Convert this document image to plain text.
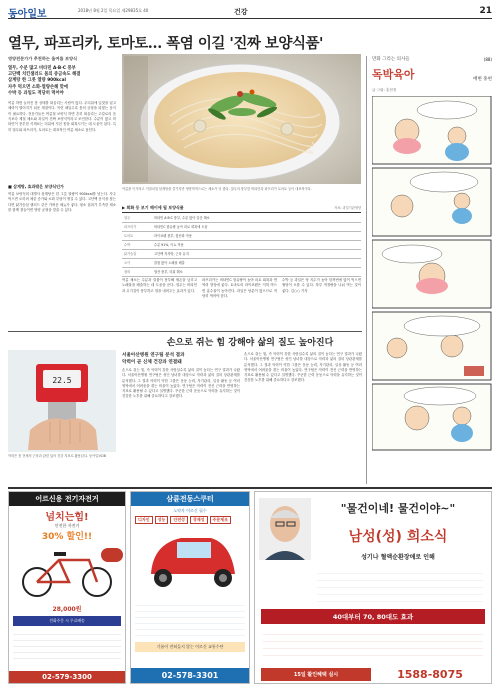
동아일보	2018년 8월 2일 목요일 제29835호 40	건강	21
열무, 파프리카, 토마토… 폭염 이길 '진짜 보양식품'
영양전문가가 추천하는 올여름 보양식
열무, 수분 많고 비타민 A·B·C 풍부
고단백 치킨샐러드 몸의 중금속도 해결
삼계탕 한 그릇 열량 900kcal
자주 먹으면 소화·열량손해 맞에
수박 등 과일도 적당히 먹어야
여름 하면 늘어진 몸 상태를 떠올리는 사람이 많다. 무더위에 입맛을 잃고 체력이 떨어지기 쉬운 계절이다. 이런 때일수록 몸의 균형을 되찾는 음식이 필요하다. 전문가들은 여름철 보양식 하면 흔히 떠올리는 고칼로리 음식보다 제철 채소와 과일이 진짜 보양식이라고 조언한다. 수분이 많고 비타민이 풍부한 식재료는 더위에 지친 몸을 회복시키는 데 도움이 된다. 특히 열무와 파프리카, 토마토는 대표적인 여름 채소로 꼽힌다.
■ 삼계탕, 효과밖은 보양식인가
여름 보양식의 대명사 삼계탕은 한 그릇 열량이 900kcal를 넘는다. 자주 먹으면 오히려 체중 증가와 소화 부담이 생길 수 있다. 고단백 음식을 찾는다면 닭가슴살 샐러드 같은 가벼운 메뉴가 좋다. 평소 섭취가 부족한 채소를 함께 곁들이면 영양 균형을 맞출 수 있다.
여름을 이기려고 이열치열 삼계탕을 즐기지만 영양학적으로는 채소가 더 좋다. 열무의 풍부한 비타민과 파프리카 토마토 등이 대표적이다.
▶ 회화 등 보기 해이에 될 보양식품	자료: 과일기관영양
열무	비타민 A·B·C 풍부, 수분 많아 갈증 해소
파프리카	비타민C 함유량 높아 피로 회복에 도움
토마토	라이코펜 풍부, 항산화 작용
수박	수분 91%, 이뇨 작용
닭가슴살	고단백 저지방, 근육 유지
오이	칼륨 많아 노폐물 배출
참외	엽산 풍부, 더위 해소
여름 채소는 수분과 칼륨이 풍부해 체온을 낮추고 노폐물을 배출하는 데 도움을 준다. 열무는 비타민과 무기질이 풍부하고 열을 내려주는 효과가 있다.
파프리카는 비타민C 함유량이 높아 피로 회복과 면역력 향상에 좋다. 토마토의 라이코펜은 익혀 먹으면 흡수율이 높아진다. 과일은 당분이 많으므로 적당히 먹어야 한다.
수박 등 과일은 당 지수가 높아 한꺼번에 많이 먹으면 혈당이 오를 수 있다. 하루 적정량을 나눠 먹는 것이 좋다. 김○○ 기자
만화 그리는 의사들	(88)
독박육아	배변 홍현
글·그림: 홍현정
손으로 쥐는 힘 강해야 삶의 질도 높아진다
22.5
악력은 몸 전체의 근육과 관련 있어 건강 지표로 활용된다. 동아일보DB
서울아산병원 연구팀 분석 결과
악력이 곧 신체 건강과 연결돼
손으로 쥐는 힘, 즉 악력이 강한 사람일수록 삶의 질이 높다는 연구 결과가 나왔다. 서울아산병원 연구팀은 성인 남녀를 대상으로 악력과 삶의 질의 상관관계를 분석했다. 그 결과 악력이 약한 그룹은 운동 능력, 자기관리, 일상 활동 등 여러 영역에서 어려움을 겪는 비율이 높았다. 연구팀은 악력이 전신 근력을 반영하는 지표로 활용될 수 있다고 설명했다. 꾸준한 근력 운동으로 악력을 유지하는 것이 건강한 노후를 위해 중요하다고 강조했다.
손으로 쥐는 힘, 즉 악력이 강한 사람일수록 삶의 질이 높다는 연구 결과가 나왔다. 서울아산병원 연구팀은 성인 남녀를 대상으로 악력과 삶의 질의 상관관계를 분석했다. 그 결과 악력이 약한 그룹은 운동 능력, 자기관리, 일상 활동 등 여러 영역에서 어려움을 겪는 비율이 높았다. 연구팀은 악력이 전신 근력을 반영하는 지표로 활용될 수 있다고 설명했다. 꾸준한 근력 운동으로 악력을 유지하는 것이 건강한 노후를 위해 중요하다고 강조했다.
어르신용 전기자전거
넘치는힘!
안전한 자전거
30% 할인!!
28,000원
전화주문 시 무료배송
02-579-3300
삼륜전동스쿠터
노약자 어르신 필수
디자인	성능	안전성	경제성	주문제조
기름이 전혀들지 않는 어르신 교통수단
02-578-3301
"물건이네! 물건이야~"
남성(성) 희소식
성기나 혈액순환장애로 인해
40대부터 70, 80대도 효과
15일 활인혜택 실시	1588-8075
